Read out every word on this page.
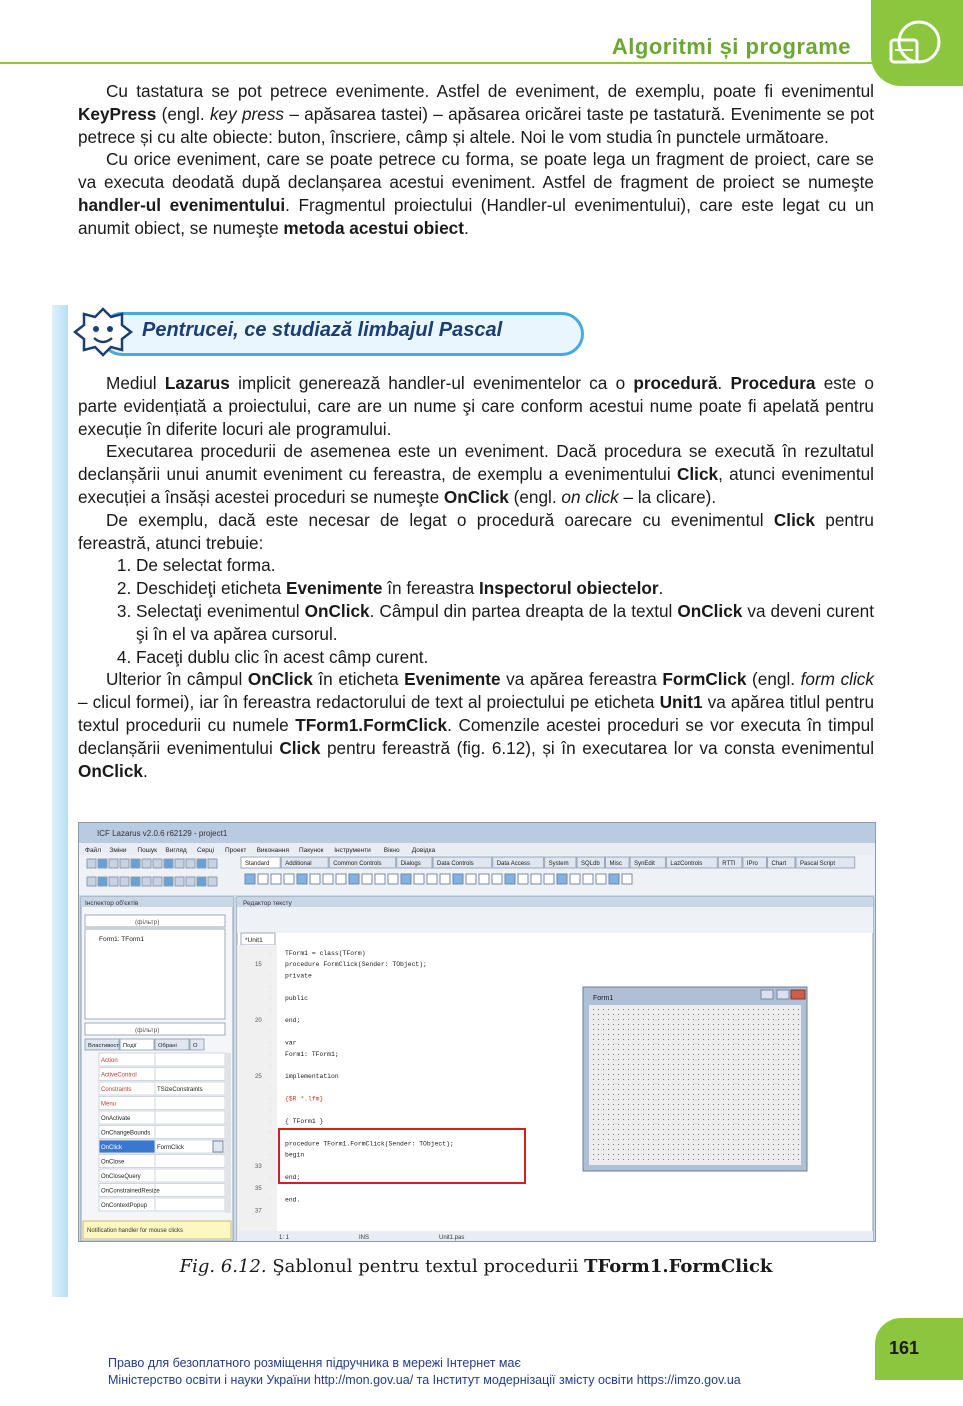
Algoritmi și programe

Cu tastatura se pot petrece evenimente. Astfel de eveniment, de exemplu, poate fi evenimentul KeyPress (engl. key press – apăsarea tastei) – apăsarea oricărei taste pe tastatură. Evenimente se pot petrece și cu alte obiecte: buton, înscriere, câmp și altele. Noi le vom studia în punctele următoare.

Cu orice eveniment, care se poate petrece cu forma, se poate lega un fragment de proiect, care se va executa deodată după declanșarea acestui eveniment. Astfel de fragment de proiect se numeşte handler-ul evenimentului. Fragmentul proiectului (Handler-ul evenimentului), care este legat cu un anumit obiect, se numeşte metoda acestui obiect.

Pentrucei, ce studiază limbajul Pascal

Mediul Lazarus implicit generează handler-ul evenimentelor ca o procedură. Procedura este o parte evidențiată a proiectului, care are un nume şi care conform acestui nume poate fi apelată pentru execuție în diferite locuri ale programului.

Executarea procedurii de asemenea este un eveniment. Dacă procedura se execută în rezultatul declanșării unui anumit eveniment cu fereastra, de exemplu a evenimentului Click, atunci evenimentul execuției a însăși acestei proceduri se numeşte OnClick (engl. on click – la clicare).

De exemplu, dacă este necesar de legat o procedură oarecare cu evenimentul Click pentru fereastră, atunci trebuie:

1. De selectat forma.
2. Deschideţi eticheta Evenimente în fereastra Inspectorul obiectelor.
3. Selectaţi evenimentul OnClick. Câmpul din partea dreapta de la textul OnClick va deveni curent şi în el va apărea cursorul.
4. Faceţi dublu clic în acest câmp curent.

Ulterior în câmpul OnClick în eticheta Evenimente va apărea fereastra FormClick (engl. form click – clicul formei), iar în fereastra redactorului de text al proiectului pe eticheta Unit1 va apărea titlul pentru textul procedurii cu numele TForm1.FormClick. Comenzile acestei proceduri se vor executa în timpul declanșării evenimentului Click pentru fereastră (fig. 6.12), și în executarea lor va consta evenimentul OnClick.

ICF Lazarus v2.0.6 r62129 - project1
Файл Зміни Пошук Вигляд Серці Проект Виконання Пакунок Інструменти Вікно Довідка
Standard	Additional	Common Controls	Dialogs	Data Controls	Data Access	System SQLdb Misc SynEdit	LazControls	RTTI IPro Chart Pascal Script
Інспектор об'єктів
(фільтр)
Form1: TForm1
(фільтр)
Властивості Події	Обрані	O
Action
ActiveControl
Constraints	TSizeConstraints
Menu
OnActivate
OnChangeBounds
OnClick	FormClick
OnClose
OnCloseQuery
OnConstrainedResize
OnContextPopup
Notification handler for mouse clicks
Редактор тексту
*Unit1
· TForm1 = class(TForm)
15	procedure FormClick(Sender: TObject);
· private
·
· public
·
20	end;
·
· var
· Form1: TForm1;
·
25	implementation
·
· {$R *.lfm}
·
· { TForm1 }
·
· procedure TForm1.FormClick(Sender: TObject);
· begin
33
· end;
35
· end.
37
1: 1	INS	Unit1.pas
Form1
Fig. 6.12. Şablonul pentru textul procedurii TForm1.FormClick
161
Право для безоплатного розміщення підручника в мережі Інтернет має
Міністерство освіти і науки України http://mon.gov.ua/ та Інститут модернізації змісту освіти https://imzo.gov.ua
